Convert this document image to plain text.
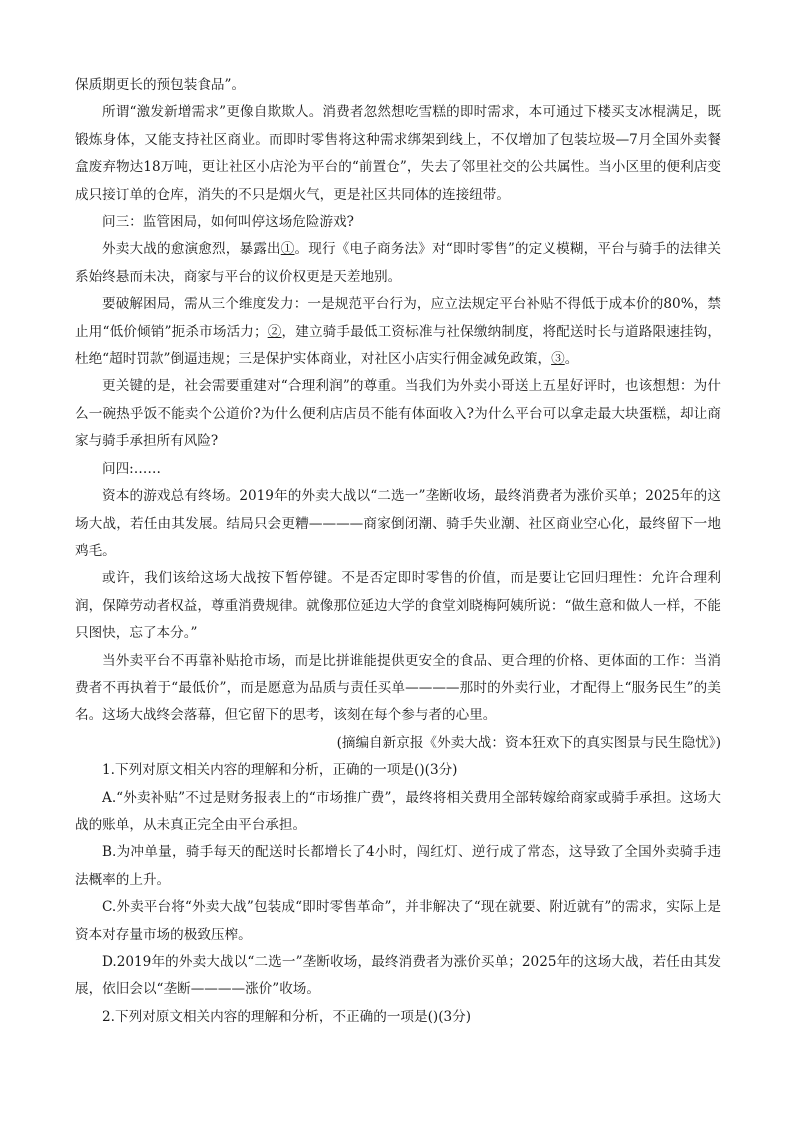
保质期更长的预包装食品”。

所谓“激发新增需求”更像自欺欺人。消费者忽然想吃雪糕的即时需求，本可通过下楼买支冰棍满足，既锻炼身体，又能支持社区商业。而即时零售将这种需求绑架到线上，不仅增加了包装垃圾—7月全国外卖餐盒废弃物达18万吨，更让社区小店沦为平台的“前置仓”，失去了邻里社交的公共属性。当小区里的便利店变成只接订单的仓库，消失的不只是烟火气，更是社区共同体的连接纽带。

问三：监管困局，如何叫停这场危险游戏?

外卖大战的愈演愈烈，暴露出①。现行《电子商务法》对“即时零售”的定义模糊，平台与骑手的法律关系始终悬而未决，商家与平台的议价权更是天差地别。

要破解困局，需从三个维度发力：一是规范平台行为，应立法规定平台补贴不得低于成本价的80%，禁止用“低价倾销”扼杀市场活力；②，建立骑手最低工资标准与社保缴纳制度，将配送时长与道路限速挂钩，杜绝“超时罚款”倒逼违规；三是保护实体商业，对社区小店实行佣金减免政策，③。

更关键的是，社会需要重建对“合理利润”的尊重。当我们为外卖小哥送上五星好评时，也该想想：为什么一碗热乎饭不能卖个公道价?为什么便利店店员不能有体面收入?为什么平台可以拿走最大块蛋糕，却让商家与骑手承担所有风险?

问四:……

资本的游戏总有终场。2019年的外卖大战以“二选一”垄断收场，最终消费者为涨价买单；2025年的这场大战，若任由其发展。结局只会更糟————商家倒闭潮、骑手失业潮、社区商业空心化，最终留下一地鸡毛。

或许，我们该给这场大战按下暂停键。不是否定即时零售的价值，而是要让它回归理性：允许合理利润，保障劳动者权益，尊重消费规律。就像那位延边大学的食堂刘晓梅阿姨所说：“做生意和做人一样，不能只图快，忘了本分。”

当外卖平台不再靠补贴抢市场，而是比拼谁能提供更安全的食品、更合理的价格、更体面的工作：当消费者不再执着于“最低价”，而是愿意为品质与责任买单————那时的外卖行业，才配得上“服务民生”的美名。这场大战终会落幕，但它留下的思考，该刻在每个参与者的心里。

(摘编自新京报《外卖大战：资本狂欢下的真实图景与民生隐忧》)

1.下列对原文相关内容的理解和分析，正确的一项是()(3分)

A.“外卖补贴”不过是财务报表上的“市场推广费”，最终将相关费用全部转嫁给商家或骑手承担。这场大战的账单，从未真正完全由平台承担。

B.为冲单量，骑手每天的配送时长都增长了4小时，闯红灯、逆行成了常态，这导致了全国外卖骑手违法概率的上升。

C.外卖平台将“外卖大战”包装成“即时零售革命”，并非解决了“现在就要、附近就有”的需求，实际上是资本对存量市场的极致压榨。

D.2019年的外卖大战以“二选一”垄断收场，最终消费者为涨价买单；2025年的这场大战，若任由其发展，依旧会以“垄断————涨价”收场。

2.下列对原文相关内容的理解和分析，不正确的一项是()(3分)
